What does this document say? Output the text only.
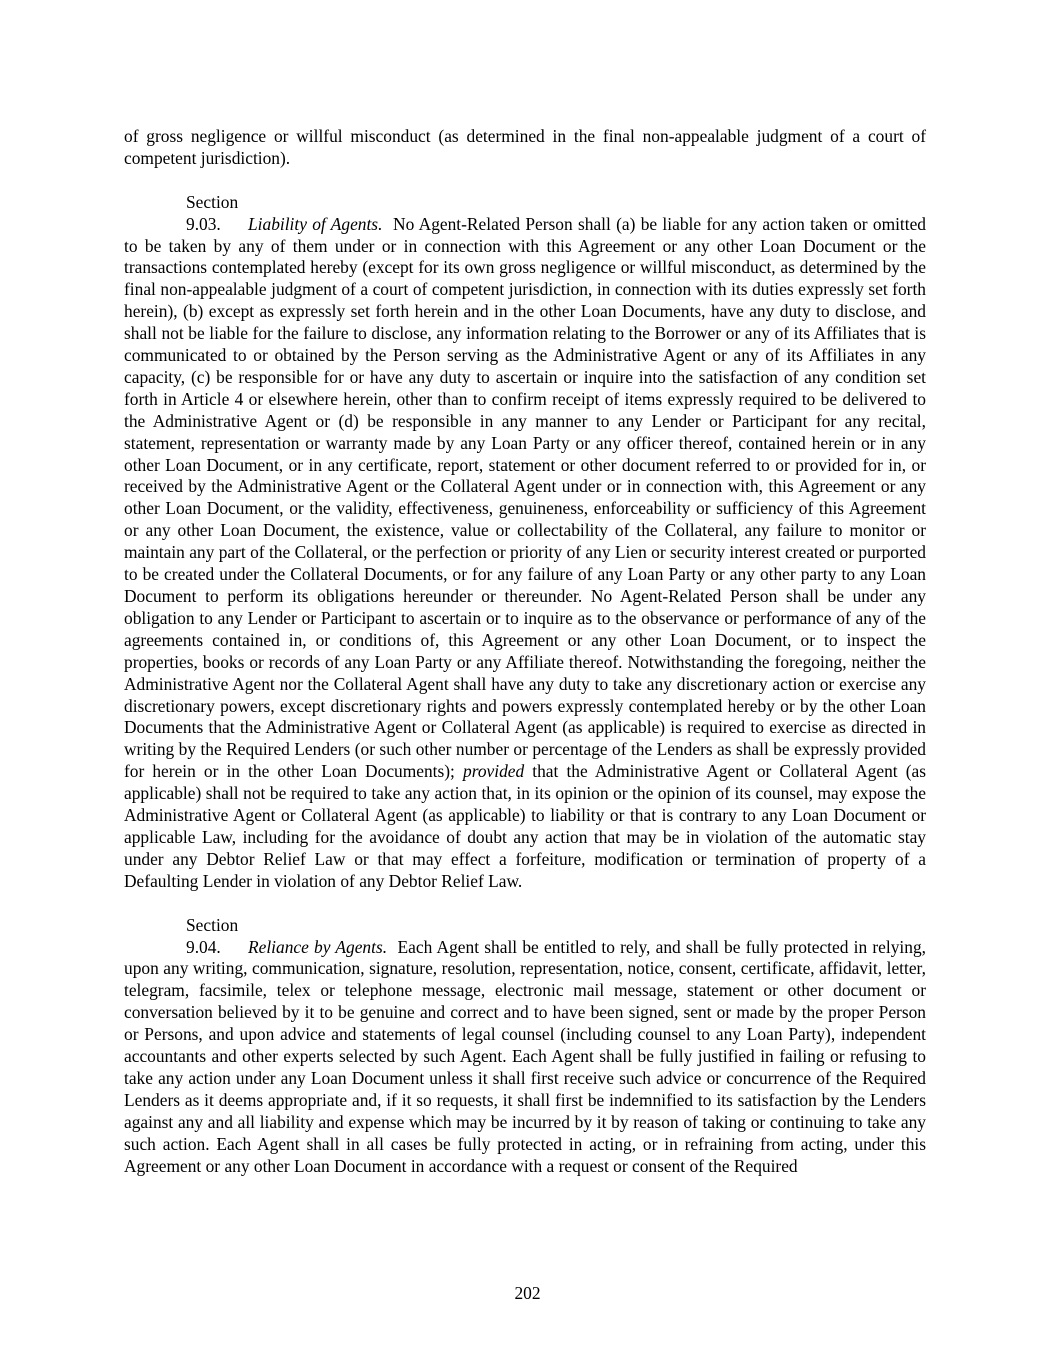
of gross negligence or willful misconduct (as determined in the final non-appealable judgment of a court of competent jurisdiction).

Section 9.03. Liability of Agents. No Agent-Related Person shall (a) be liable for any action taken or omitted to be taken by any of them under or in connection with this Agreement or any other Loan Document or the transactions contemplated hereby (except for its own gross negligence or willful misconduct, as determined by the final non-appealable judgment of a court of competent jurisdiction, in connection with its duties expressly set forth herein), (b) except as expressly set forth herein and in the other Loan Documents, have any duty to disclose, and shall not be liable for the failure to disclose, any information relating to the Borrower or any of its Affiliates that is communicated to or obtained by the Person serving as the Administrative Agent or any of its Affiliates in any capacity, (c) be responsible for or have any duty to ascertain or inquire into the satisfaction of any condition set forth in Article 4 or elsewhere herein, other than to confirm receipt of items expressly required to be delivered to the Administrative Agent or (d) be responsible in any manner to any Lender or Participant for any recital, statement, representation or warranty made by any Loan Party or any officer thereof, contained herein or in any other Loan Document, or in any certificate, report, statement or other document referred to or provided for in, or received by the Administrative Agent or the Collateral Agent under or in connection with, this Agreement or any other Loan Document, or the validity, effectiveness, genuineness, enforceability or sufficiency of this Agreement or any other Loan Document, the existence, value or collectability of the Collateral, any failure to monitor or maintain any part of the Collateral, or the perfection or priority of any Lien or security interest created or purported to be created under the Collateral Documents, or for any failure of any Loan Party or any other party to any Loan Document to perform its obligations hereunder or thereunder. No Agent-Related Person shall be under any obligation to any Lender or Participant to ascertain or to inquire as to the observance or performance of any of the agreements contained in, or conditions of, this Agreement or any other Loan Document, or to inspect the properties, books or records of any Loan Party or any Affiliate thereof. Notwithstanding the foregoing, neither the Administrative Agent nor the Collateral Agent shall have any duty to take any discretionary action or exercise any discretionary powers, except discretionary rights and powers expressly contemplated hereby or by the other Loan Documents that the Administrative Agent or Collateral Agent (as applicable) is required to exercise as directed in writing by the Required Lenders (or such other number or percentage of the Lenders as shall be expressly provided for herein or in the other Loan Documents); provided that the Administrative Agent or Collateral Agent (as applicable) shall not be required to take any action that, in its opinion or the opinion of its counsel, may expose the Administrative Agent or Collateral Agent (as applicable) to liability or that is contrary to any Loan Document or applicable Law, including for the avoidance of doubt any action that may be in violation of the automatic stay under any Debtor Relief Law or that may effect a forfeiture, modification or termination of property of a Defaulting Lender in violation of any Debtor Relief Law.

Section 9.04. Reliance by Agents. Each Agent shall be entitled to rely, and shall be fully protected in relying, upon any writing, communication, signature, resolution, representation, notice, consent, certificate, affidavit, letter, telegram, facsimile, telex or telephone message, electronic mail message, statement or other document or conversation believed by it to be genuine and correct and to have been signed, sent or made by the proper Person or Persons, and upon advice and statements of legal counsel (including counsel to any Loan Party), independent accountants and other experts selected by such Agent. Each Agent shall be fully justified in failing or refusing to take any action under any Loan Document unless it shall first receive such advice or concurrence of the Required Lenders as it deems appropriate and, if it so requests, it shall first be indemnified to its satisfaction by the Lenders against any and all liability and expense which may be incurred by it by reason of taking or continuing to take any such action. Each Agent shall in all cases be fully protected in acting, or in refraining from acting, under this Agreement or any other Loan Document in accordance with a request or consent of the Required

202
